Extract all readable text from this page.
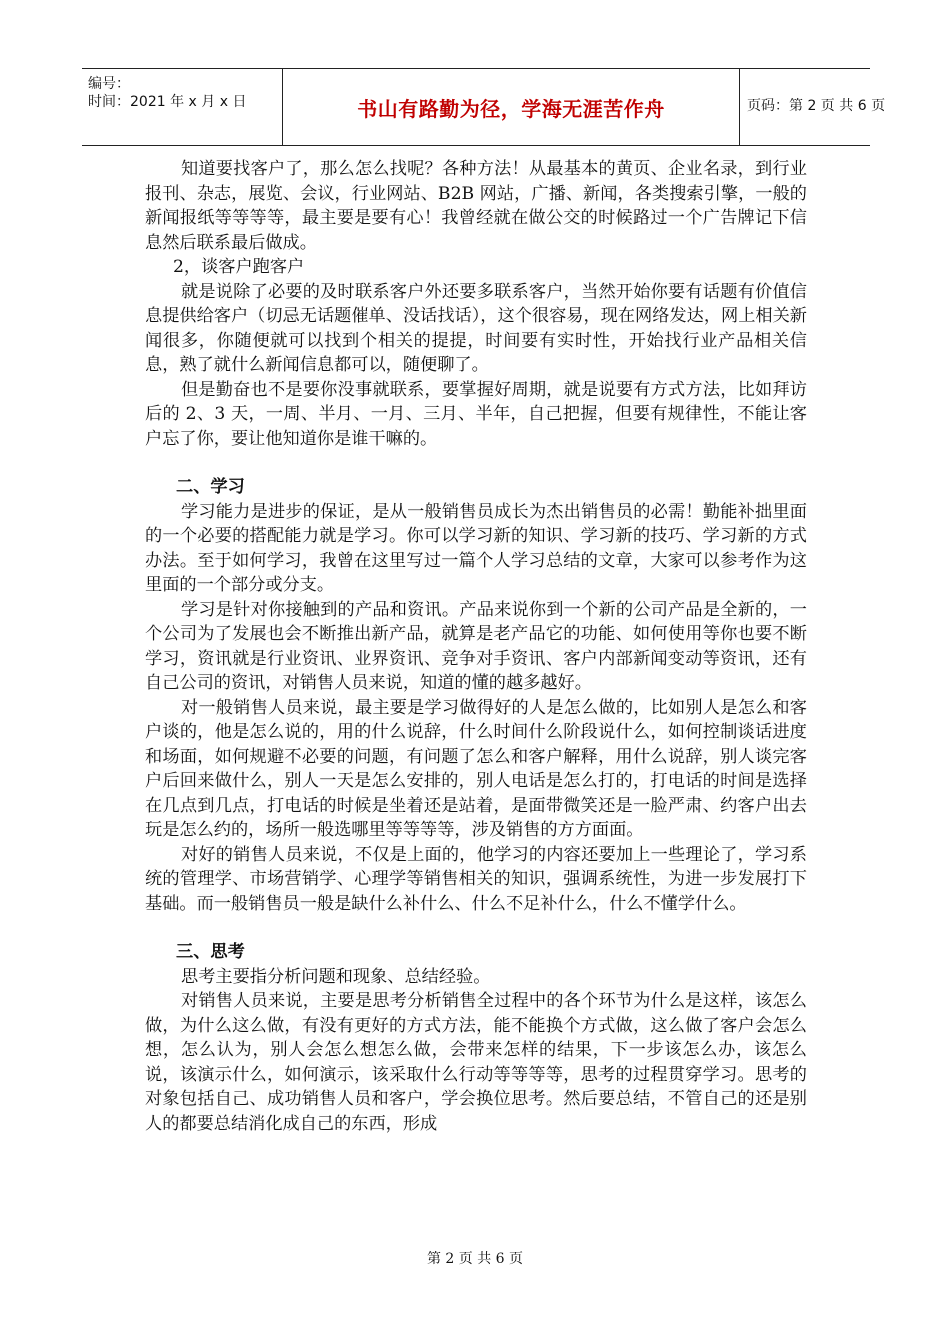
编号：
时间：2021 年 x 月 x 日	书山有路勤为径，学海无涯苦作舟	页码：第 2 页 共 6 页

知道要找客户了，那么怎么找呢？各种方法！从最基本的黄页、企业名录，到行业报刊、杂志，展览、会议，行业网站、B2B 网站，广播、新闻，各类搜索引擎，一般的新闻报纸等等等等，最主要是要有心！我曾经就在做公交的时候路过一个广告牌记下信息然后联系最后做成。

2，谈客户跑客户

就是说除了必要的及时联系客户外还要多联系客户，当然开始你要有话题有价值信息提供给客户（切忌无话题催单、没话找话），这个很容易，现在网络发达，网上相关新闻很多，你随便就可以找到个相关的提提，时间要有实时性，开始找行业产品相关信息，熟了就什么新闻信息都可以，随便聊了。

但是勤奋也不是要你没事就联系，要掌握好周期，就是说要有方式方法，比如拜访后的 2、3 天，一周、半月、一月、三月、半年，自己把握，但要有规律性，不能让客户忘了你，要让他知道你是谁干嘛的。

二、学习

学习能力是进步的保证，是从一般销售员成长为杰出销售员的必需！勤能补拙里面的一个必要的搭配能力就是学习。你可以学习新的知识、学习新的技巧、学习新的方式办法。至于如何学习，我曾在这里写过一篇个人学习总结的文章，大家可以参考作为这里面的一个部分或分支。

学习是针对你接触到的产品和资讯。产品来说你到一个新的公司产品是全新的，一个公司为了发展也会不断推出新产品，就算是老产品它的功能、如何使用等你也要不断学习，资讯就是行业资讯、业界资讯、竞争对手资讯、客户内部新闻变动等资讯，还有自己公司的资讯，对销售人员来说，知道的懂的越多越好。

对一般销售人员来说，最主要是学习做得好的人是怎么做的，比如别人是怎么和客户谈的，他是怎么说的，用的什么说辞，什么时间什么阶段说什么，如何控制谈话进度和场面，如何规避不必要的问题，有问题了怎么和客户解释，用什么说辞，别人谈完客户后回来做什么，别人一天是怎么安排的，别人电话是怎么打的，打电话的时间是选择在几点到几点，打电话的时候是坐着还是站着，是面带微笑还是一脸严肃、约客户出去玩是怎么约的，场所一般选哪里等等等等，涉及销售的方方面面。

对好的销售人员来说，不仅是上面的，他学习的内容还要加上一些理论了，学习系统的管理学、市场营销学、心理学等销售相关的知识，强调系统性，为进一步发展打下基础。而一般销售员一般是缺什么补什么、什么不足补什么，什么不懂学什么。

三、思考

思考主要指分析问题和现象、总结经验。

对销售人员来说，主要是思考分析销售全过程中的各个环节为什么是这样，该怎么做，为什么这么做，有没有更好的方式方法，能不能换个方式做，这么做了客户会怎么想，怎么认为，别人会怎么想怎么做，会带来怎样的结果，下一步该怎么办，该怎么说，该演示什么，如何演示，该采取什么行动等等等等，思考的过程贯穿学习。思考的对象包括自己、成功销售人员和客户，学会换位思考。然后要总结，不管自己的还是别人的都要总结消化成自己的东西，形成

第 2 页 共 6 页
